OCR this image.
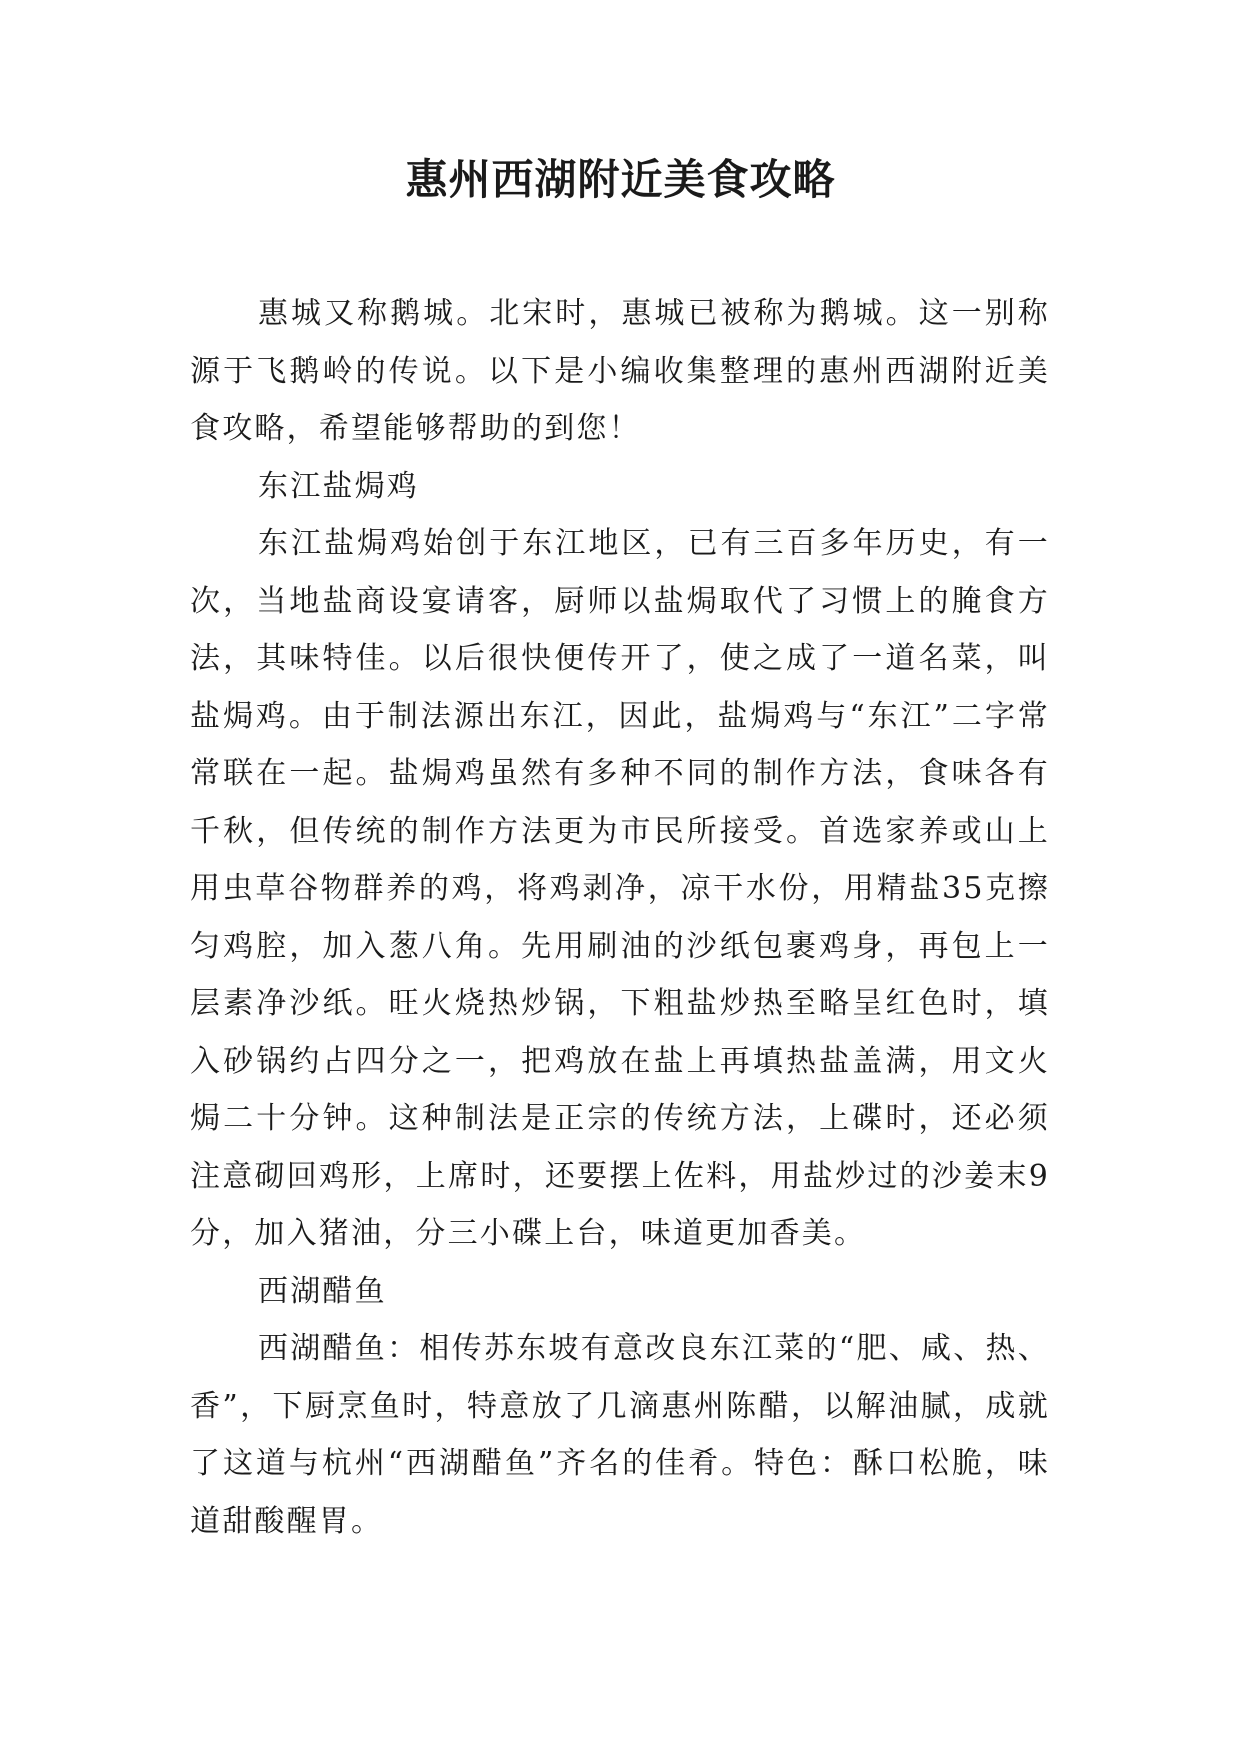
惠州西湖附近美食攻略

惠城又称鹅城。北宋时，惠城已被称为鹅城。这一别称源于飞鹅岭的传说。以下是小编收集整理的惠州西湖附近美食攻略，希望能够帮助的到您！

东江盐焗鸡

东江盐焗鸡始创于东江地区，已有三百多年历史，有一次，当地盐商设宴请客，厨师以盐焗取代了习惯上的腌食方法，其味特佳。以后很快便传开了，使之成了一道名菜，叫盐焗鸡。由于制法源出东江，因此，盐焗鸡与“东江”二字常常联在一起。盐焗鸡虽然有多种不同的制作方法，食味各有千秋，但传统的制作方法更为市民所接受。首选家养或山上用虫草谷物群养的鸡，将鸡剥净，凉干水份，用精盐35克擦匀鸡腔，加入葱八角。先用刷油的沙纸包裹鸡身，再包上一层素净沙纸。旺火烧热炒锅，下粗盐炒热至略呈红色时，填入砂锅约占四分之一，把鸡放在盐上再填热盐盖满，用文火焗二十分钟。这种制法是正宗的传统方法，上碟时，还必须注意砌回鸡形，上席时，还要摆上佐料，用盐炒过的沙姜末9分，加入猪油，分三小碟上台，味道更加香美。

西湖醋鱼

西湖醋鱼：相传苏东坡有意改良东江菜的“肥、咸、热、香”，下厨烹鱼时，特意放了几滴惠州陈醋，以解油腻，成就了这道与杭州“西湖醋鱼”齐名的佳肴。特色：酥口松脆，味道甜酸醒胃。
